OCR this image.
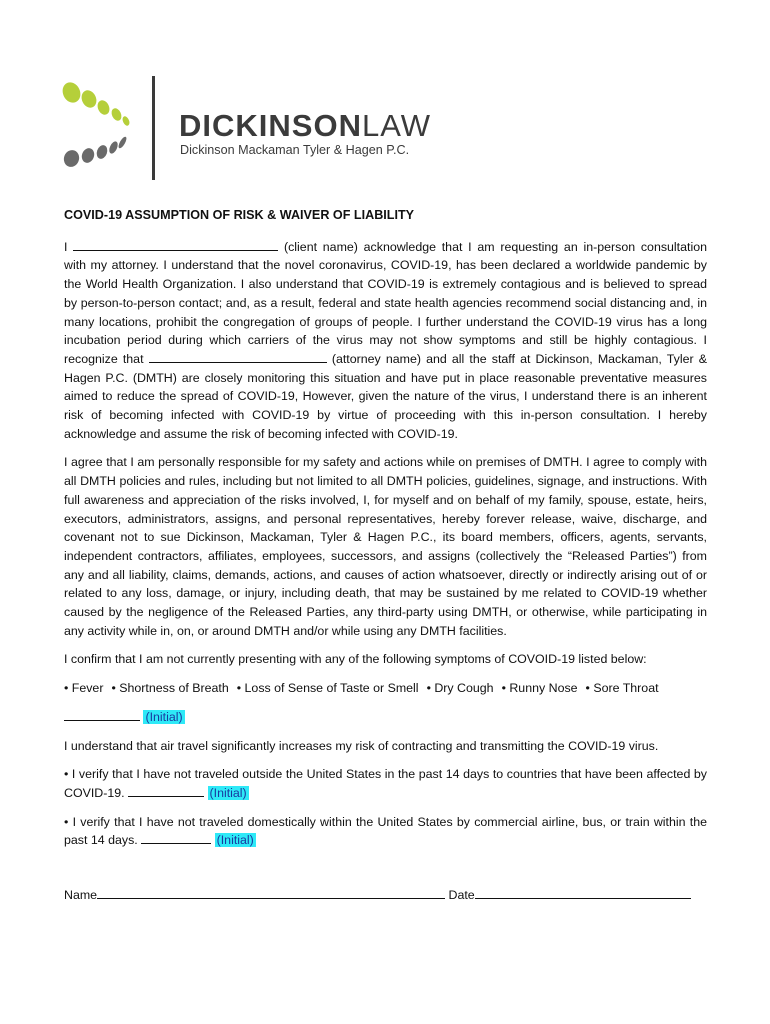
DICKINSONLAW
Dickinson Mackaman Tyler & Hagen P.C.
COVID-19 ASSUMPTION OF RISK & WAIVER OF LIABILITY

I	(client name) acknowledge that I am requesting an in-person consultation with my attorney. I understand that the novel coronavirus, COVID-19, has been declared a worldwide pandemic by the World Health Organization. I also understand that COVID-19 is extremely contagious and is believed to spread by person-to-person contact; and, as a result, federal and state health agencies recommend social distancing and, in many locations, prohibit the congregation of groups of people. I further understand the COVID-19 virus has a long incubation period during which carriers of the virus may not show symptoms and still be highly contagious. I recognize that	(attorney name) and all the staff at Dickinson, Mackaman, Tyler & Hagen P.C. (DMTH) are closely monitoring this situation and have put in place reasonable preventative measures aimed to reduce the spread of COVID-19, However, given the nature of the virus, I understand there is an inherent risk of becoming infected with COVID-19 by virtue of proceeding with this in-person consultation. I hereby acknowledge and assume the risk of becoming infected with COVID-19.

I agree that I am personally responsible for my safety and actions while on premises of DMTH. I agree to comply with all DMTH policies and rules, including but not limited to all DMTH policies, guidelines, signage, and instructions. With full awareness and appreciation of the risks involved, I, for myself and on behalf of my family, spouse, estate, heirs, executors, administrators, assigns, and personal representatives, hereby forever release, waive, discharge, and covenant not to sue Dickinson, Mackaman, Tyler & Hagen P.C., its board members, officers, agents, servants, independent contractors, affiliates, employees, successors, and assigns (collectively the “Released Parties”) from any and all liability, claims, demands, actions, and causes of action whatsoever, directly or indirectly arising out of or related to any loss, damage, or injury, including death, that may be sustained by me related to COVID-19 whether caused by the negligence of the Released Parties, any third-party using DMTH, or otherwise, while participating in any activity while in, on, or around DMTH and/or while using any DMTH facilities.

I confirm that I am not currently presenting with any of the following symptoms of COVOID-19 listed below:

• Fever • Shortness of Breath • Loss of Sense of Taste or Smell • Dry Cough • Runny Nose • Sore Throat

(Initial)

I understand that air travel significantly increases my risk of contracting and transmitting the COVID-19 virus.

• I verify that I have not traveled outside the United States in the past 14 days to countries that have been affected by COVID-19.	(Initial)

• I verify that I have not traveled domestically within the United States by commercial airline, bus, or train within the past 14 days.	(Initial)

Name	Date
